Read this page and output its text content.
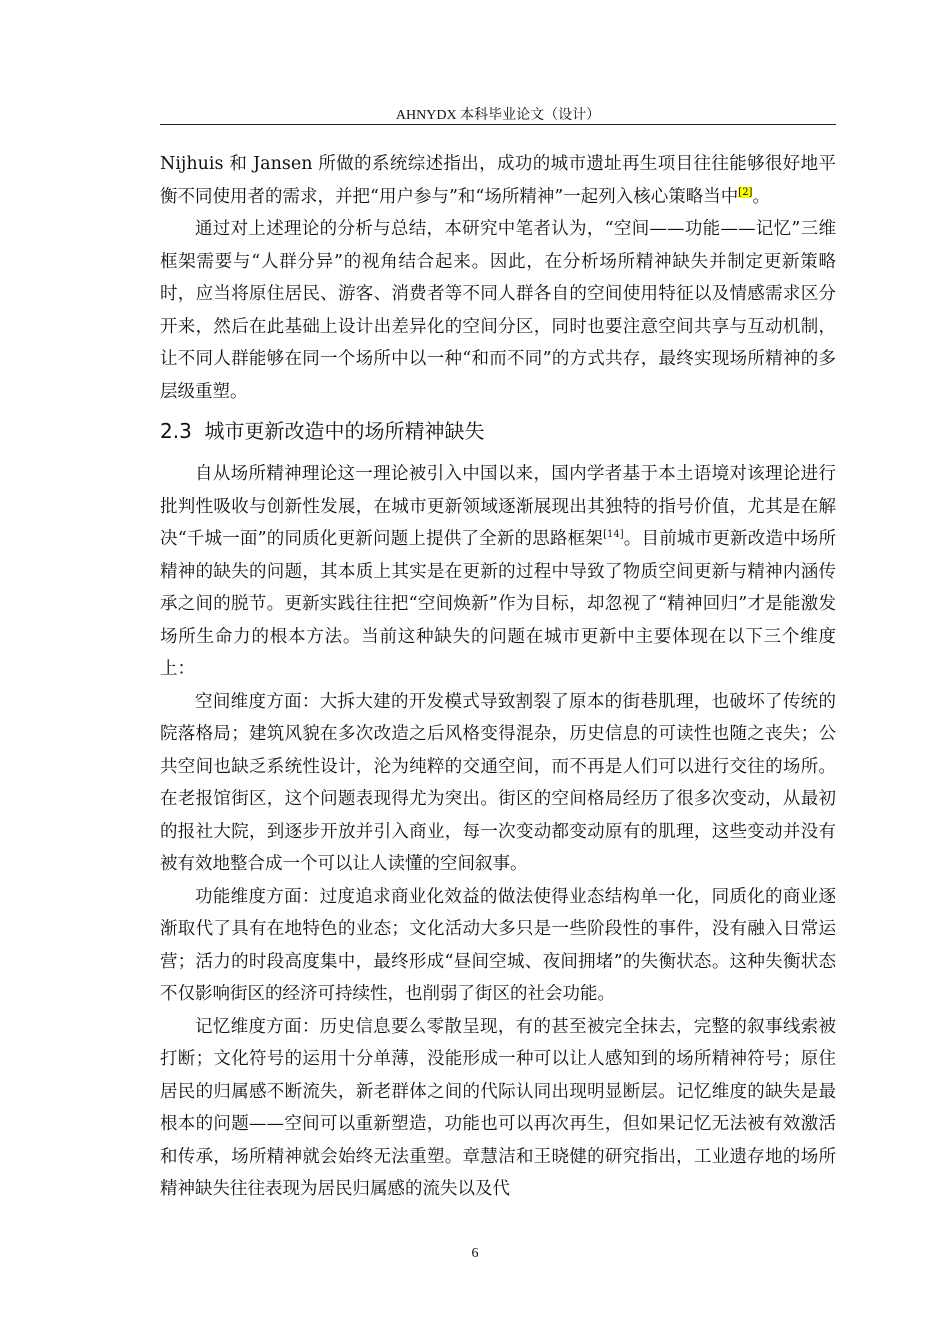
AHNYDX 本科毕业论文（设计）

Nijhuis 和 Jansen 所做的系统综述指出，成功的城市遗址再生项目往往能够很好地平衡不同使用者的需求，并把“用户参与”和“场所精神”一起列入核心策略当中[2]。

通过对上述理论的分析与总结，本研究中笔者认为，“空间——功能——记忆”三维框架需要与“人群分异”的视角结合起来。因此，在分析场所精神缺失并制定更新策略时，应当将原住居民、游客、消费者等不同人群各自的空间使用特征以及情感需求区分开来，然后在此基础上设计出差异化的空间分区，同时也要注意空间共享与互动机制，让不同人群能够在同一个场所中以一种“和而不同”的方式共存，最终实现场所精神的多层级重塑。

2.3 城市更新改造中的场所精神缺失

自从场所精神理论这一理论被引入中国以来，国内学者基于本土语境对该理论进行批判性吸收与创新性发展，在城市更新领域逐渐展现出其独特的指号价值，尤其是在解决“千城一面”的同质化更新问题上提供了全新的思路框架[14]。目前城市更新改造中场所精神的缺失的问题，其本质上其实是在更新的过程中导致了物质空间更新与精神内涵传承之间的脱节。更新实践往往把“空间焕新”作为目标，却忽视了“精神回归”才是能激发场所生命力的根本方法。当前这种缺失的问题在城市更新中主要体现在以下三个维度上：

空间维度方面：大拆大建的开发模式导致割裂了原本的街巷肌理，也破坏了传统的院落格局；建筑风貌在多次改造之后风格变得混杂，历史信息的可读性也随之丧失；公共空间也缺乏系统性设计，沦为纯粹的交通空间，而不再是人们可以进行交往的场所。在老报馆街区，这个问题表现得尤为突出。街区的空间格局经历了很多次变动，从最初的报社大院，到逐步开放并引入商业，每一次变动都变动原有的肌理，这些变动并没有被有效地整合成一个可以让人读懂的空间叙事。

功能维度方面：过度追求商业化效益的做法使得业态结构单一化，同质化的商业逐渐取代了具有在地特色的业态；文化活动大多只是一些阶段性的事件，没有融入日常运营；活力的时段高度集中，最终形成“昼间空城、夜间拥堵”的失衡状态。这种失衡状态不仅影响街区的经济可持续性，也削弱了街区的社会功能。

记忆维度方面：历史信息要么零散呈现，有的甚至被完全抹去，完整的叙事线索被打断；文化符号的运用十分单薄，没能形成一种可以让人感知到的场所精神符号；原住居民的归属感不断流失，新老群体之间的代际认同出现明显断层。记忆维度的缺失是最根本的问题——空间可以重新塑造，功能也可以再次再生，但如果记忆无法被有效激活和传承，场所精神就会始终无法重塑。章慧洁和王晓健的研究指出，工业遗存地的场所精神缺失往往表现为居民归属感的流失以及代

6
